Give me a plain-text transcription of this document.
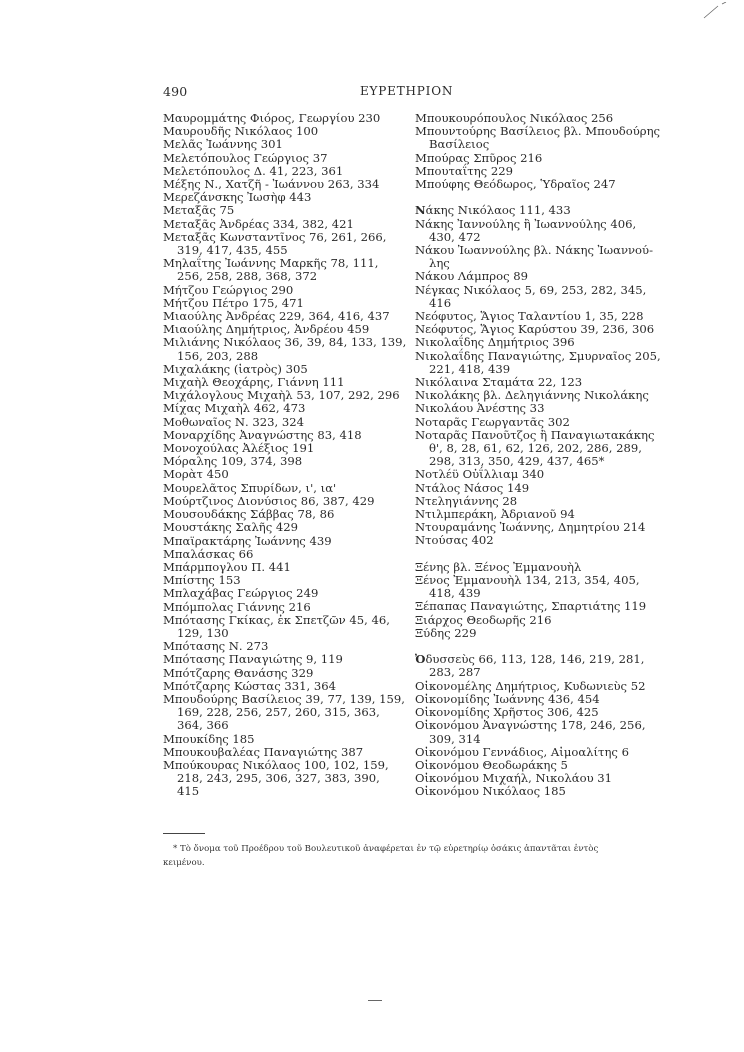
490	ΕΥΡΕΤΗΡΙΟΝ
Μαυρομμάτης Φιόρος, Γεωργίου 230
Μαυρουδῆς Νικόλαος 100
Μελᾶς Ἰωάννης 301
Μελετόπουλος Γεώργιος 37
Μελετόπουλος Δ. 41, 223, 361
Μέξης Ν., Χατζῆ - Ἰωάννου 263, 334
Μερεζάνσκης Ἰωσὴφ 443
Μεταξᾶς 75
Μεταξᾶς Ἀνδρέας 334, 382, 421
Μεταξᾶς Κωνσταντῖνος 76, 261, 266,
319, 417, 435, 455
Μηλαΐτης Ἰωάννης Μαρκῆς 78, 111,
256, 258, 288, 368, 372
Μήτζου Γεώργιος 290
Μήτζου Πέτρο 175, 471
Μιαούλης Ἀνδρέας 229, 364, 416, 437
Μιαούλης Δημήτριος, Ἀνδρέου 459
Μιλιάνης Νικόλαος 36, 39, 84, 133, 139,
156, 203, 288
Μιχαλάκης (ἰατρὸς) 305
Μιχαὴλ Θεοχάρης, Γιάννη 111
Μιχάλογλους Μιχαὴλ 53, 107, 292, 296
Μίχας Μιχαὴλ 462, 473
Μοθωναῖος Ν. 323, 324
Μοναρχίδης Ἀναγνώστης 83, 418
Μονοχούλας Ἀλέξιος 191
Μόραλης 109, 374, 398
Μορὰτ 450
Μουρελᾶτος Σπυρίδων, ι', ια'
Μούρτζινος Διονύσιος 86, 387, 429
Μουσουδάκης Σάββας 78, 86
Μουστάκης Σαλῆς 429
Μπαϊρακτάρης Ἰωάννης 439
Μπαλάσκας 66
Μπάρμπογλου Π. 441
Μπίστης 153
Μπλαχάβας Γεώργιος 249
Μπόμπολας Γιάννης 216
Μπότασης Γκίκας, ἐκ Σπετζῶν 45, 46,
129, 130
Μπότασης Ν. 273
Μπότασης Παναγιώτης 9, 119
Μπότζαρης Θανάσης 329
Μπότζαρης Κώστας 331, 364
Μπουδούρης Βασίλειος 39, 77, 139, 159,
169, 228, 256, 257, 260, 315, 363,
364, 366
Μπουκίδης 185
Μπουκουβαλέας Παναγιώτης 387
Μπούκουρας Νικόλαος 100, 102, 159,
218, 243, 295, 306, 327, 383, 390,
415
Μπουκουρόπουλος Νικόλαος 256
Μπουντούρης Βασίλειος βλ. Μπουδούρης
Βασίλειος
Μπούρας Σπῦρος 216
Μπουταΐτης 229
Μπούφης Θεόδωρος, Ὑδραῖος 247
Νάκης Νικόλαος 111, 433
Νάκης Ἰαννούλης ἢ Ἰωαννούλης 406,
430, 472
Νάκου Ἰωαννούλης βλ. Νάκης Ἰωαννού-
λης
Νάκου Λάμπρος 89
Νέγκας Νικόλαος 5, 69, 253, 282, 345,
416
Νεόφυτος, Ἅγιος Ταλαντίου 1, 35, 228
Νεόφυτος, Ἅγιος Καρύστου 39, 236, 306
Νικολαΐδης Δημήτριος 396
Νικολαΐδης Παναγιώτης, Σμυρναῖος 205,
221, 418, 439
Νικόλαινα Σταμάτα 22, 123
Νικολάκης βλ. Δεληγιάννης Νικολάκης
Νικολάου Ἀνέστης 33
Νοταρᾶς Γεωργαντᾶς 302
Νοταρᾶς Πανοῦτζος ἢ Παναγιωτακάκης
θ', 8, 28, 61, 62, 126, 202, 286, 289,
298, 313, 350, 429, 437, 465*
Νοτλέϋ Οὐΐλλιαμ 340
Ντάλος Νάσος 149
Ντεληγιάννης 28
Ντιλμπεράκη, Ἀδριανοῦ 94
Ντουραμάνης Ἰωάννης, Δημητρίου 214
Ντούσας 402
Ξένης βλ. Ξένος Ἐμμανουὴλ
Ξένος Ἐμμανουὴλ 134, 213, 354, 405,
418, 439
Ξέπαπας Παναγιώτης, Σπαρτιάτης 119
Ξιάρχος Θεοδωρῆς 216
Ξύδης 229
Ὀδυσσεὺς 66, 113, 128, 146, 219, 281,
283, 287
Οἰκονομέλης Δημήτριος, Κυδωνιεὺς 52
Οἰκονομίδης Ἰωάννης 436, 454
Οἰκονομίδης Χρῆστος 306, 425
Οἰκονόμου Ἀναγνώστης 178, 246, 256,
309, 314
Οἰκονόμου Γεννάδιος, Αἰμοαλίτης 6
Οἰκονόμου Θεοδωράκης 5
Οἰκονόμου Μιχαήλ, Νικολάου 31
Οἰκονόμου Νικόλαος 185
* Τὸ ὄνομα τοῦ Προέδρου τοῦ Βουλευτικοῦ ἀναφέρεται ἐν τῷ εὑρετηρίῳ ὁσάκις ἀπαντᾶται ἐντὸς
κειμένου.
